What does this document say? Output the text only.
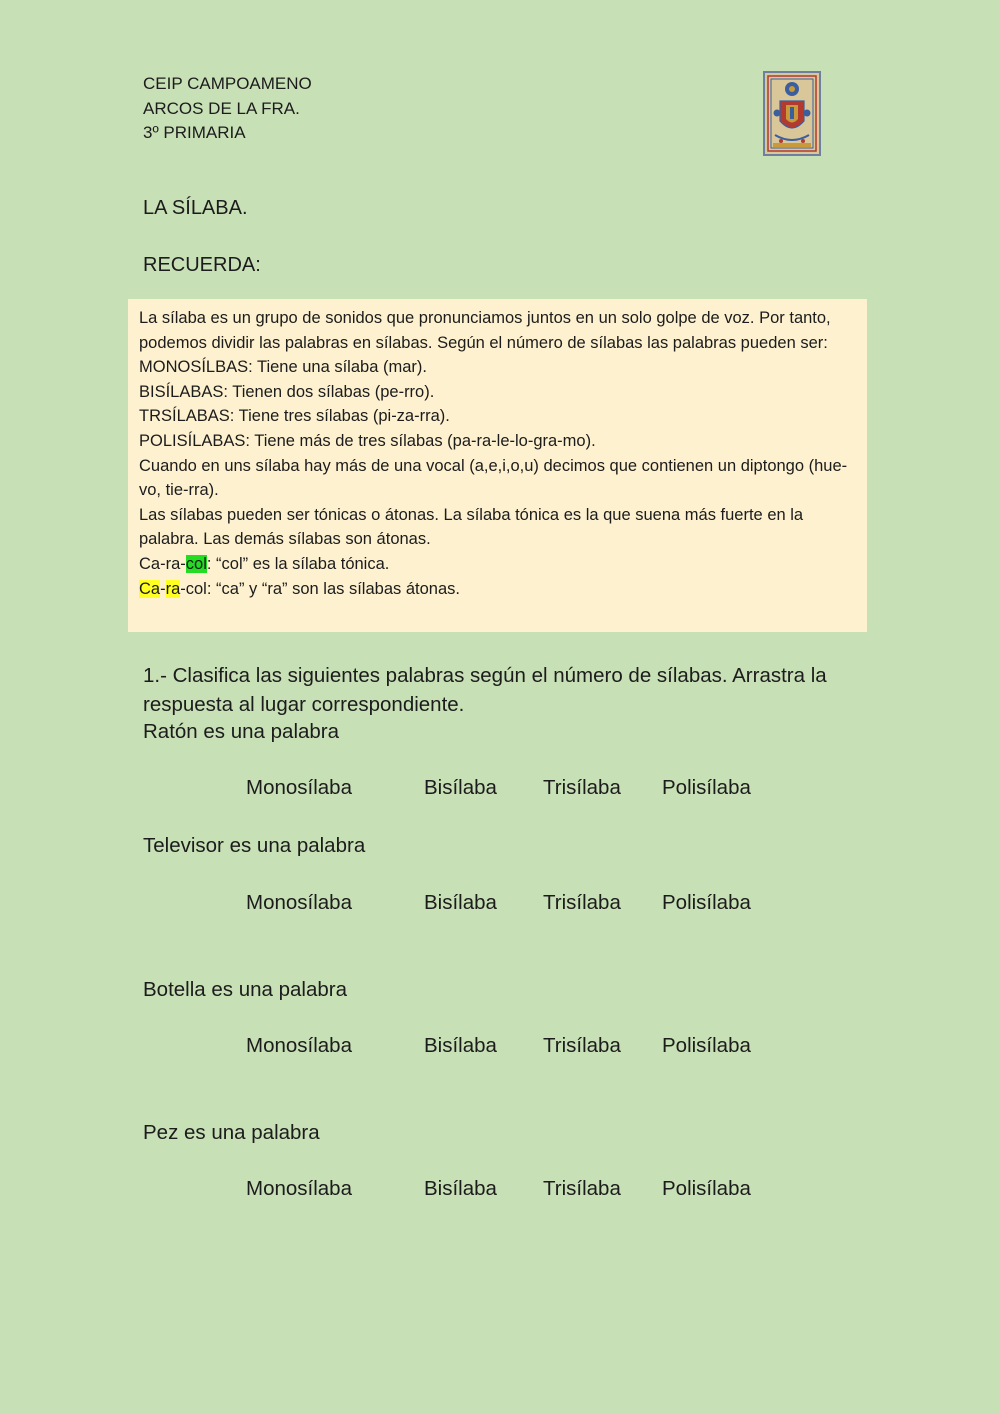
CEIP CAMPOAMENO
ARCOS DE LA FRA.
3º PRIMARIA
LA SÍLABA.
RECUERDA:

La sílaba es un grupo de sonidos que pronunciamos juntos en un solo golpe de voz. Por tanto, podemos dividir las palabras en sílabas. Según el número de sílabas las palabras pueden ser:

MONOSÍLBAS: Tiene una sílaba (mar).

BISÍLABAS: Tienen dos sílabas (pe-rro).

TRSÍLABAS: Tiene tres sílabas (pi-za-rra).

POLISÍLABAS: Tiene más de tres sílabas (pa-ra-le-lo-gra-mo).

Cuando en uns sílaba hay más de una vocal (a,e,i,o,u) decimos que contienen un diptongo (hue-vo, tie-rra).

Las sílabas pueden ser tónicas o átonas. La sílaba tónica es la que suena más fuerte en la palabra. Las demás sílabas son átonas.

Ca-ra-col: “col” es la sílaba tónica.

Ca-ra-col: “ca” y “ra” son las sílabas átonas.

1.- Clasifica las siguientes palabras según el número de sílabas. Arrastra la respuesta al lugar correspondiente.
Ratón es una palabra
Monosílaba	Bisílaba Trisílaba Polisílaba
Televisor es una palabra
Monosílaba	Bisílaba Trisílaba Polisílaba
Botella es una palabra
Monosílaba	Bisílaba Trisílaba Polisílaba
Pez es una palabra
Monosílaba	Bisílaba Trisílaba Polisílaba
